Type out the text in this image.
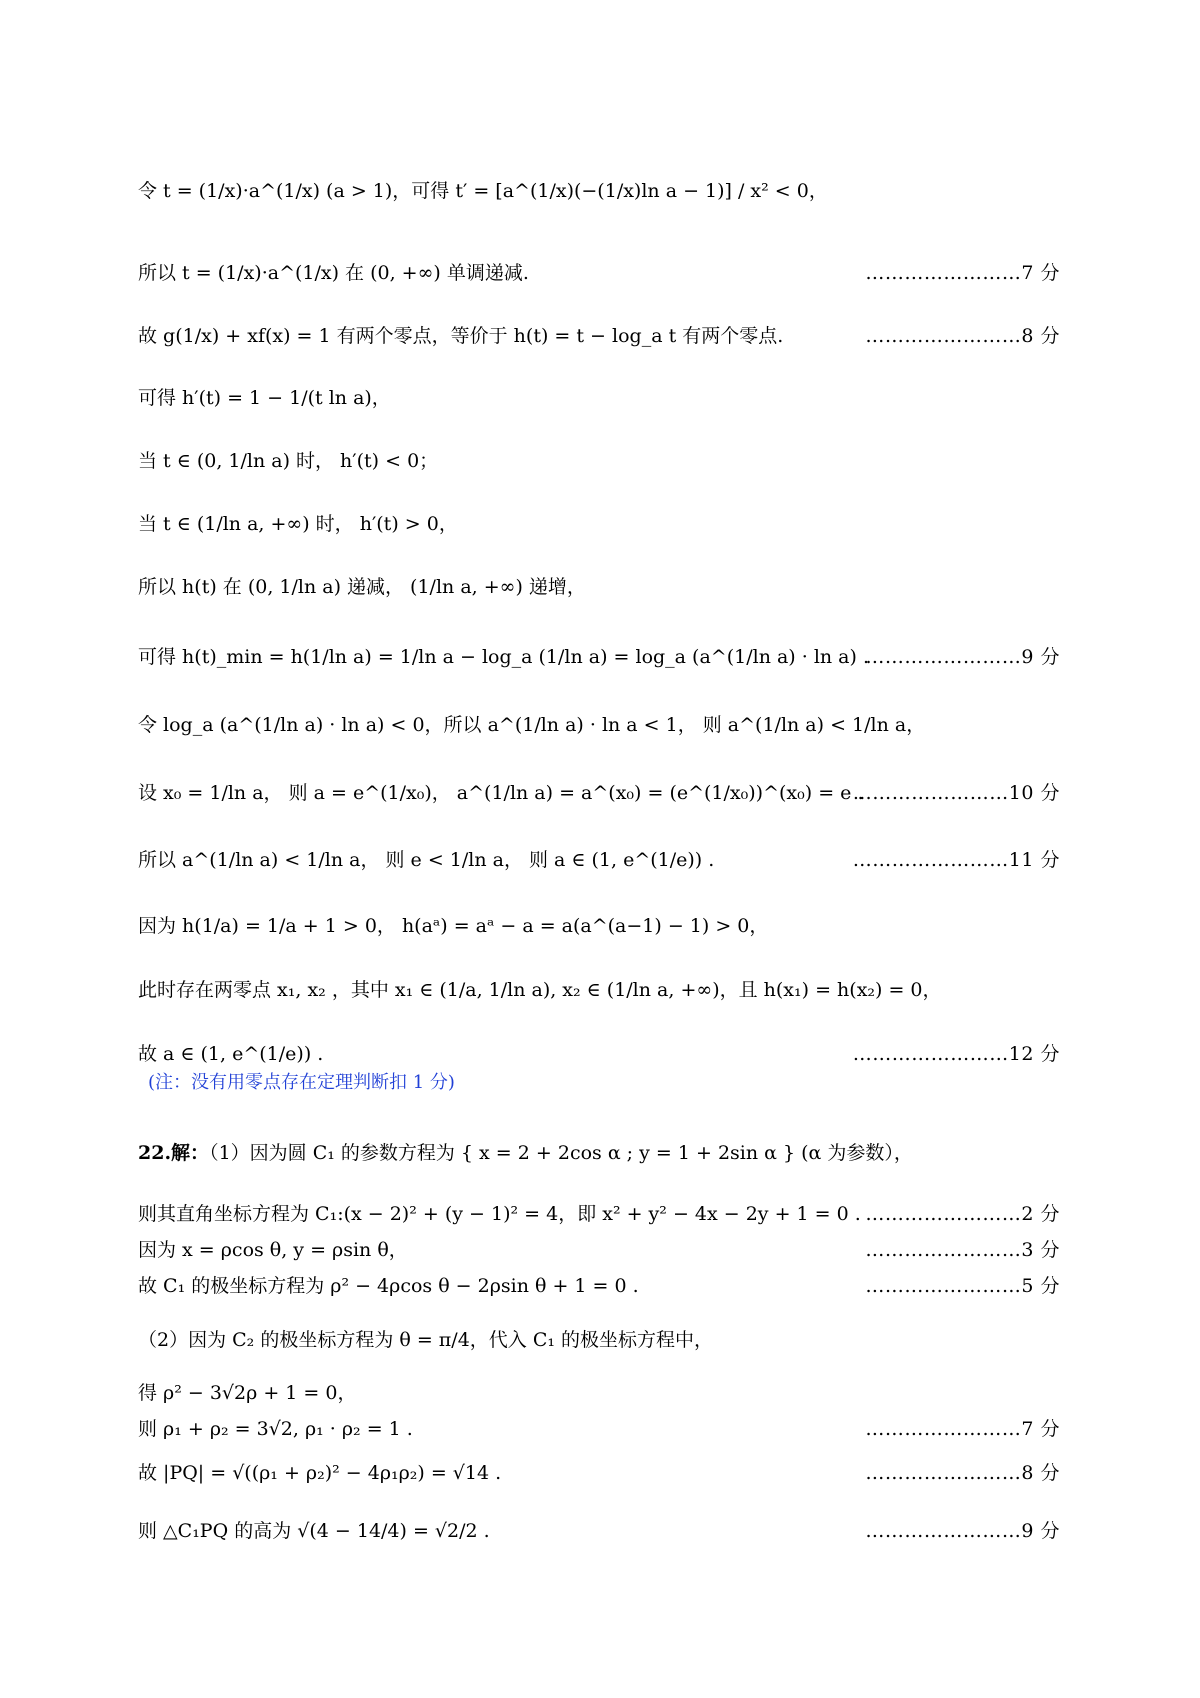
令 t = (1/x)·a^(1/x) (a > 1)，可得 t′ = [a^(1/x)(−(1/x)ln a − 1)] / x² < 0，
所以 t = (1/x)·a^(1/x) 在 (0, +∞) 单调递减.	……………………7 分
故 g(1/x) + xf(x) = 1 有两个零点，等价于 h(t) = t − log_a t 有两个零点.	……………………8 分
可得 h′(t) = 1 − 1/(t ln a)，
当 t ∈ (0, 1/ln a) 时， h′(t) < 0；
当 t ∈ (1/ln a, +∞) 时， h′(t) > 0，
所以 h(t) 在 (0, 1/ln a) 递减， (1/ln a, +∞) 递增，
可得 h(t)_min = h(1/ln a) = 1/ln a − log_a (1/ln a) = log_a (a^(1/ln a) · ln a) .
……………………9 分
令 log_a (a^(1/ln a) · ln a) < 0，所以 a^(1/ln a) · ln a < 1， 则 a^(1/ln a) < 1/ln a，
设 x₀ = 1/ln a， 则 a = e^(1/x₀)， a^(1/ln a) = a^(x₀) = (e^(1/x₀))^(x₀) = e .
……………………10 分
所以 a^(1/ln a) < 1/ln a， 则 e < 1/ln a， 则 a ∈ (1, e^(1/e)) .	……………………11 分
因为 h(1/a) = 1/a + 1 > 0， h(aᵃ) = aᵃ − a = a(a^(a−1) − 1) > 0，
此时存在两零点 x₁, x₂ ，其中 x₁ ∈ (1/a, 1/ln a), x₂ ∈ (1/ln a, +∞)，且 h(x₁) = h(x₂) = 0，
故 a ∈ (1, e^(1/e)) .	……………………12 分
(注：没有用零点存在定理判断扣 1 分)
22.解：（1）因为圆 C₁ 的参数方程为 { x = 2 + 2cos α ; y = 1 + 2sin α } (α 为参数），
则其直角坐标方程为 C₁:(x − 2)² + (y − 1)² = 4，即 x² + y² − 4x − 2y + 1 = 0 . ……………………2 分
因为 x = ρcos θ, y = ρsin θ，	……………………3 分
故 C₁ 的极坐标方程为 ρ² − 4ρcos θ − 2ρsin θ + 1 = 0 .	……………………5 分
（2）因为 C₂ 的极坐标方程为 θ = π/4，代入 C₁ 的极坐标方程中，
得 ρ² − 3√2ρ + 1 = 0，
则 ρ₁ + ρ₂ = 3√2, ρ₁ · ρ₂ = 1 .	……………………7 分
故 |PQ| = √((ρ₁ + ρ₂)² − 4ρ₁ρ₂) = √14 .	……………………8 分
则 △C₁PQ 的高为 √(4 − 14/4) = √2/2 .	……………………9 分
